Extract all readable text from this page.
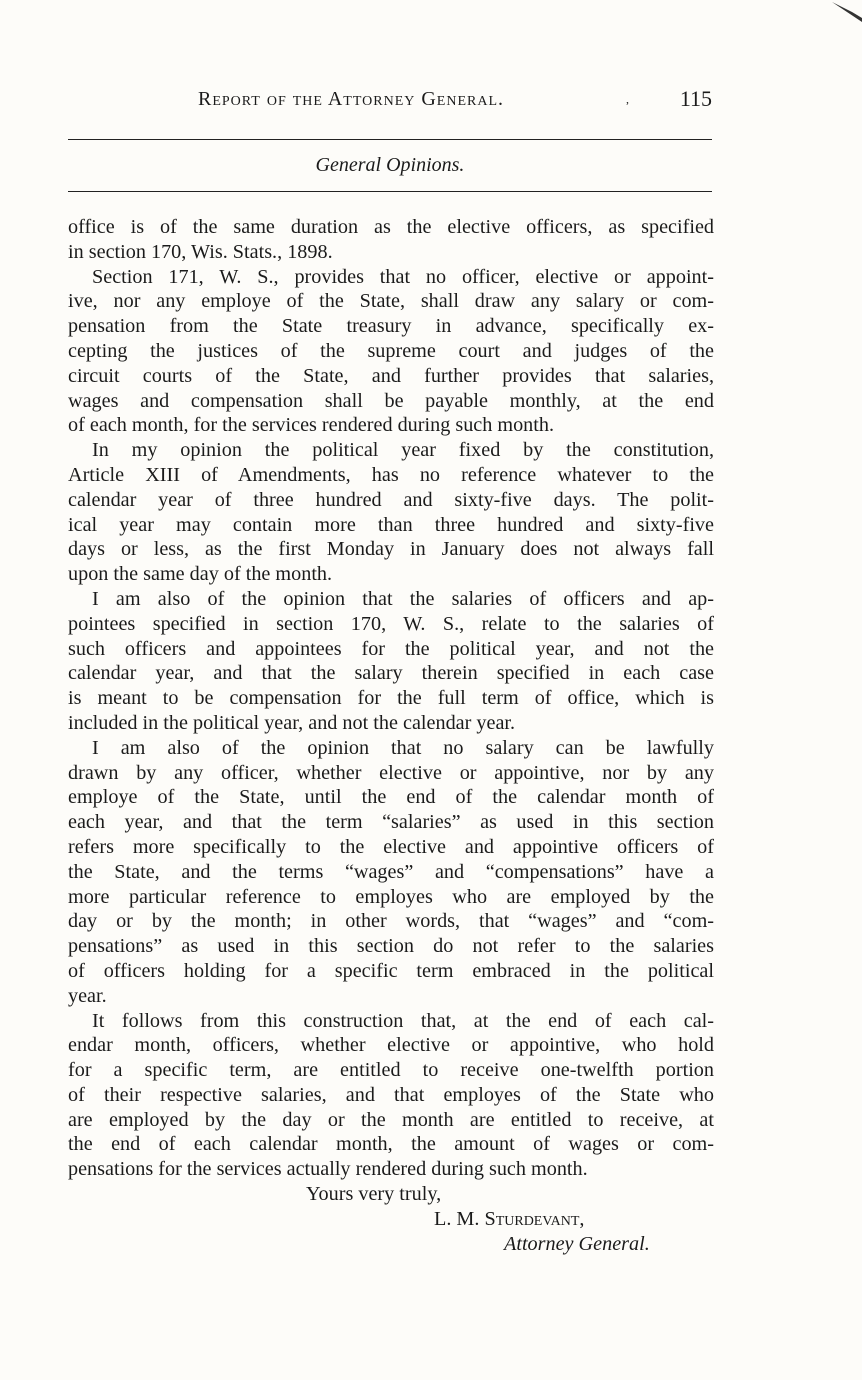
Report of the Attorney General.	, 115
General Opinions.
office is of the same duration as the elective officers, as specified
in section 170, Wis. Stats., 1898.
Section 171, W. S., provides that no officer, elective or appoint-
ive, nor any employe of the State, shall draw any salary or com-
pensation from the State treasury in advance, specifically ex-
cepting the justices of the supreme court and judges of the
circuit courts of the State, and further provides that salaries,
wages and compensation shall be payable monthly, at the end
of each month, for the services rendered during such month.
In my opinion the political year fixed by the constitution,
Article XIII of Amendments, has no reference whatever to the
calendar year of three hundred and sixty-five days. The polit-
ical year may contain more than three hundred and sixty-five
days or less, as the first Monday in January does not always fall
upon the same day of the month.
I am also of the opinion that the salaries of officers and ap-
pointees specified in section 170, W. S., relate to the salaries of
such officers and appointees for the political year, and not the
calendar year, and that the salary therein specified in each case
is meant to be compensation for the full term of office, which is
included in the political year, and not the calendar year.
I am also of the opinion that no salary can be lawfully
drawn by any officer, whether elective or appointive, nor by any
employe of the State, until the end of the calendar month of
each year, and that the term “salaries” as used in this section
refers more specifically to the elective and appointive officers of
the State, and the terms “wages” and “compensations” have a
more particular reference to employes who are employed by the
day or by the month; in other words, that “wages” and “com-
pensations” as used in this section do not refer to the salaries
of officers holding for a specific term embraced in the political
year.
It follows from this construction that, at the end of each cal-
endar month, officers, whether elective or appointive, who hold
for a specific term, are entitled to receive one-twelfth portion
of their respective salaries, and that employes of the State who
are employed by the day or the month are entitled to receive, at
the end of each calendar month, the amount of wages or com-
pensations for the services actually rendered during such month.
Yours very truly,
L. M. Sturdevant,
Attorney General.
